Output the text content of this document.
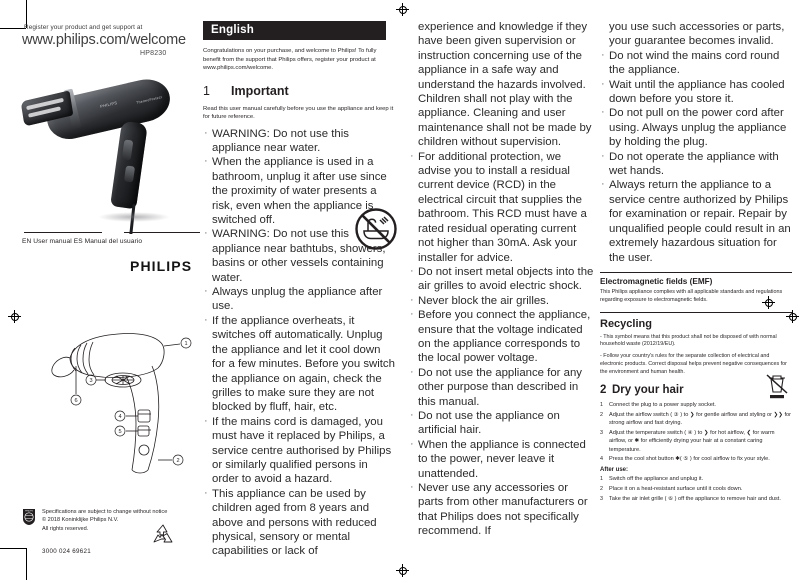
Register your product and get support at
www.philips.com/welcome
HP8230
PHILIPS	ThermoProtect
EN User manual ES Manual del usuario
PHILIPS
1
2
3
4
5
6
PHILIPS Specifications are subject to change without notice
© 2018 Koninklijke Philips N.V.
All rights reserved.
3000 024 69621
English
Congratulations on your purchase, and welcome to Philips! To fully benefit from the support that Philips offers, register your product at www.philips.com/welcome.
1	Important
Read this user manual carefully before you use the appliance and keep it for future reference.
· WARNING: Do not use this appliance near water.
· When the appliance is used in a bathroom, unplug it after use since the proximity of water presents a risk, even when the appliance is switched off.
· WARNING: Do not use this appliance near bathtubs, showers, basins or other vessels containing water.
· Always unplug the appliance after use.
· If the appliance overheats, it switches off automatically. Unplug the appliance and let it cool down for a few minutes. Before you switch the appliance on again, check the grilles to make sure they are not blocked by fluff, hair, etc.
· If the mains cord is damaged, you must have it replaced by Philips, a service centre authorised by Philips or similarly qualified persons in order to avoid a hazard.
· This appliance can be used by children aged from 8 years and above and persons with reduced physical, sensory or mental capabilities or lack of
experience and knowledge if they have been given supervision or instruction concerning use of the appliance in a safe way and understand the hazards involved. Children shall not play with the appliance. Cleaning and user maintenance shall not be made by children without supervision.
· For additional protection, we advise you to install a residual current device (RCD) in the electrical circuit that supplies the bathroom. This RCD must have a rated residual operating current not higher than 30mA. Ask your installer for advice.
· Do not insert metal objects into the air grilles to avoid electric shock.
· Never block the air grilles.
· Before you connect the appliance, ensure that the voltage indicated on the appliance corresponds to the local power voltage.
· Do not use the appliance for any other purpose than described in this manual.
· Do not use the appliance on artificial hair.
· When the appliance is connected to the power, never leave it unattended.
· Never use any accessories or parts from other manufacturers or that Philips does not specifically recommend. If
you use such accessories or parts, your guarantee becomes invalid.
· Do not wind the mains cord round the appliance.
· Wait until the appliance has cooled down before you store it.
· Do not pull on the power cord after using. Always unplug the appliance by holding the plug.
· Do not operate the appliance with wet hands.
· Always return the appliance to a service centre authorized by Philips for examination or repair. Repair by unqualified people could result in an extremely hazardous situation for the user.
Electromagnetic fields (EMF)

This Philips appliance complies with all applicable standards and regulations regarding exposure to electromagnetic fields.

Recycling

- This symbol means that this product shall not be disposed of with normal household waste (2012/19/EU).

- Follow your country's rules for the separate collection of electrical and electronic products. Correct disposal helps prevent negative consequences for the environment and human health.

2 Dry your hair
Connect the plug to a power supply socket.
Adjust the airflow switch ( ③ ) to ❯ for gentle airflow and styling or ❯❯ for strong airflow and fast drying.
Adjust the temperature switch ( ④ ) to ❯ for hot airflow, ❮ for warm airflow, or ✱ for efficiently drying your hair at a constant caring temperature.
Press the cool shot button ✱( ⑤ ) for cool airflow to fix your style.
After use:
Switch off the appliance and unplug it.
Place it on a heat-resistant surface until it cools down.
Take the air inlet grille ( ⑥ ) off the appliance to remove hair and dust.
